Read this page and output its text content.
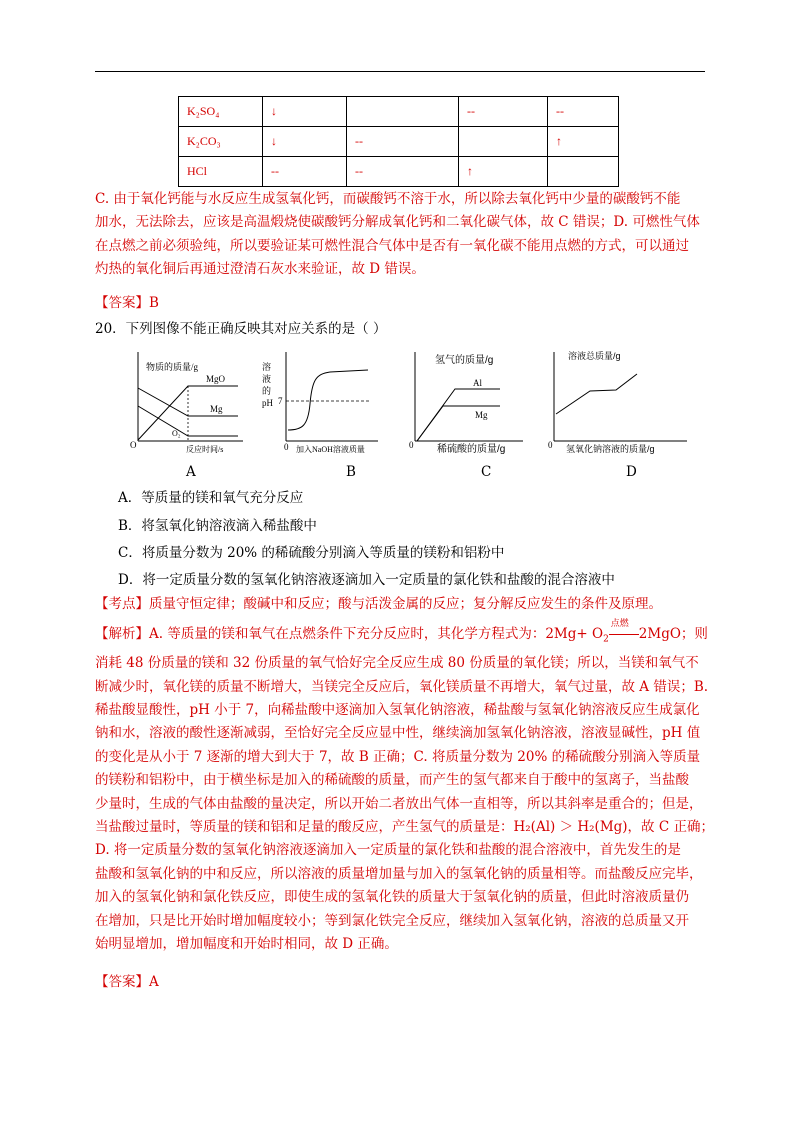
K₂SO₄	↓		--	--
K₂CO₃	↓	--		↑
HCl	--	--	↑	
C. 由于氧化钙能与水反应生成氢氧化钙，而碳酸钙不溶于水，所以除去氧化钙中少量的碳酸钙不能
加水，无法除去，应该是高温煅烧使碳酸钙分解成氧化钙和二氧化碳气体，故 C 错误；D. 可燃性气体
在点燃之前必须验纯，所以要验证某可燃性混合气体中是否有一氧化碳不能用点燃的方式，可以通过
灼热的氧化铜后再通过澄清石灰水来验证，故 D 错误。
【答案】B
20．下列图像不能正确反映其对应关系的是（ ）
物质的质量/g
MgO
Mg
O₂
O	反应时间/s
A
溶
液
的
pH 7
0 加入NaOH溶液质量
B
氢气的质量/g
Al
Mg
0 稀硫酸的质量/g
C
溶液总质量/g
0 氢氧化钠溶液的质量/g
D
A．等质量的镁和氧气充分反应
B．将氢氧化钠溶液滴入稀盐酸中
C．将质量分数为 20% 的稀硫酸分别滴入等质量的镁粉和铝粉中
D．将一定质量分数的氢氧化钠溶液逐滴加入一定质量的氯化铁和盐酸的混合溶液中
【考点】质量守恒定律；酸碱中和反应；酸与活泼金属的反应；复分解反应发生的条件及原理。
【解析】A. 等质量的镁和氧气在点燃条件下充分反应时，其化学方程式为：$2Mg+ O_2$
点燃
2MgO；则
消耗 48 份质量的镁和 32 份质量的氧气恰好完全反应生成 80 份质量的氧化镁；所以，当镁和氧气不
断减少时，氧化镁的质量不断增大，当镁完全反应后，氧化镁质量不再增大，氧气过量，故 A 错误；B.
稀盐酸显酸性，pH 小于 7，向稀盐酸中逐滴加入氢氧化钠溶液，稀盐酸与氢氧化钠溶液反应生成氯化
钠和水，溶液的酸性逐渐减弱，至恰好完全反应显中性，继续滴加氢氧化钠溶液，溶液显碱性，pH 值
的变化是从小于 7 逐渐的增大到大于 7，故 B 正确；C. 将质量分数为 20% 的稀硫酸分别滴入等质量
的镁粉和铝粉中，由于横坐标是加入的稀硫酸的质量，而产生的氢气都来自于酸中的氢离子，当盐酸
少量时，生成的气体由盐酸的量决定，所以开始二者放出气体一直相等，所以其斜率是重合的；但是，
当盐酸过量时，等质量的镁和铝和足量的酸反应，产生氢气的质量是：H₂(Al) ＞ H₂(Mg)，故 C 正确；
D. 将一定质量分数的氢氧化钠溶液逐滴加入一定质量的氯化铁和盐酸的混合溶液中，首先发生的是
盐酸和氢氧化钠的中和反应，所以溶液的质量增加量与加入的氢氧化钠的质量相等。而盐酸反应完毕，
加入的氢氧化钠和氯化铁反应，即使生成的氢氧化铁的质量大于氢氧化钠的质量，但此时溶液质量仍
在增加，只是比开始时增加幅度较小；等到氯化铁完全反应，继续加入氢氧化钠，溶液的总质量又开
始明显增加，增加幅度和开始时相同，故 D 正确。
【答案】A
